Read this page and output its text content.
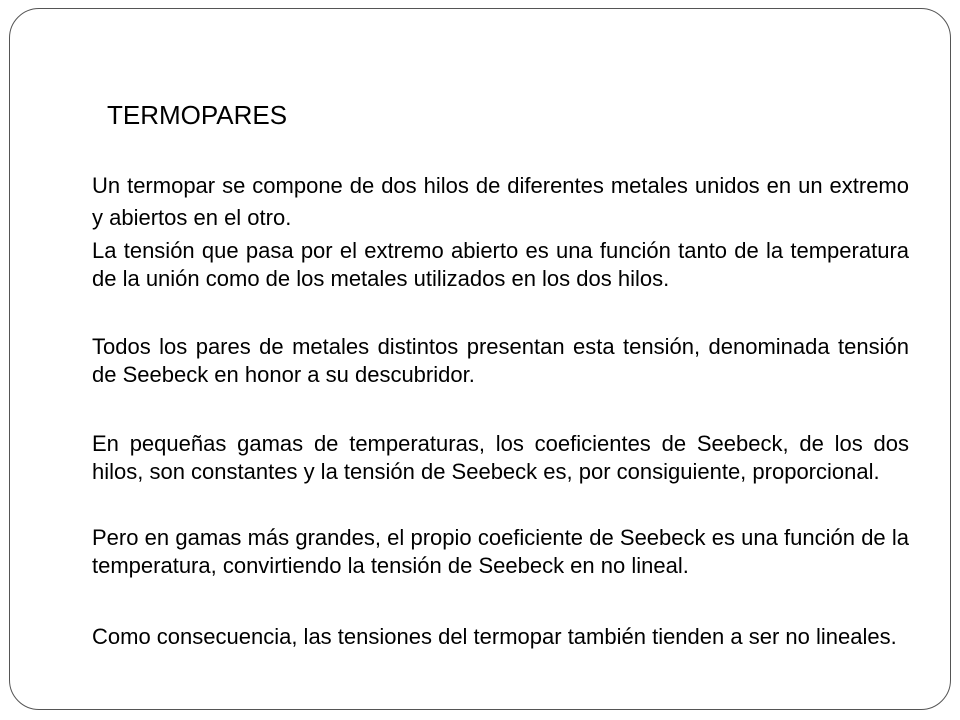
TERMOPARES
Un termopar se compone de dos hilos de diferentes metales unidos en un extremo y abiertos en el otro.
La tensión que pasa por el extremo abierto es una función tanto de la temperatura de la unión como de los metales utilizados en los dos hilos.
Todos los pares de metales distintos presentan esta tensión, denominada tensión de Seebeck en honor a su descubridor.
En pequeñas gamas de temperaturas, los coeficientes de Seebeck, de los dos hilos, son constantes y la tensión de Seebeck es, por consiguiente, proporcional.
Pero en gamas más grandes, el propio coeficiente de Seebeck es una función de la temperatura, convirtiendo la tensión de Seebeck en no lineal.
Como consecuencia, las tensiones del termopar también tienden a ser no lineales.
